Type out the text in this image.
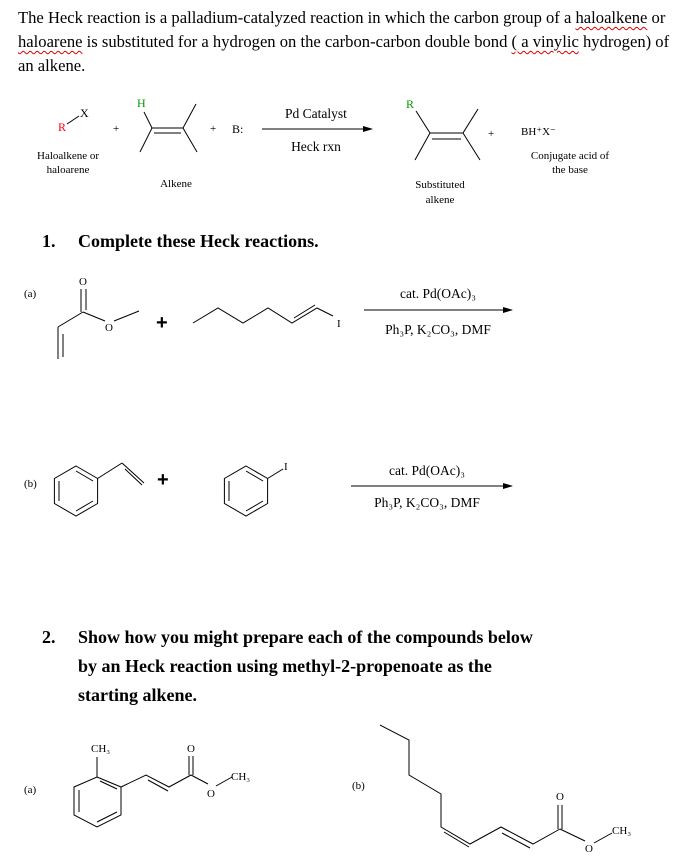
The Heck reaction is a palladium-catalyzed reaction in which the carbon group of a haloalkene or haloarene is substituted for a hydrogen on the carbon-carbon double bond ( a vinylic hydrogen) of an alkene.
1. Complete these Heck reactions.
2. Show how you might prepare each of the compounds below
by an Heck reaction using methyl-2-propenoate as the
starting alkene.
R
X
+
H
+ B:
Pd Catalyst
Heck rxn
R
+ BH⁺X⁻
Haloalkene or
haloarene
Alkene	Substituted
alkene
Conjugate acid of
the base
(a)
O
O +	I
cat. Pd(OAc)₃
Ph₃P, K₂CO₃, DMF
(b)	+
I	cat. Pd(OAc)₃
Ph₃P, K₂CO₃, DMF
(a)
CH₃	O
O
CH₃
(b)
O
O
CH₃
